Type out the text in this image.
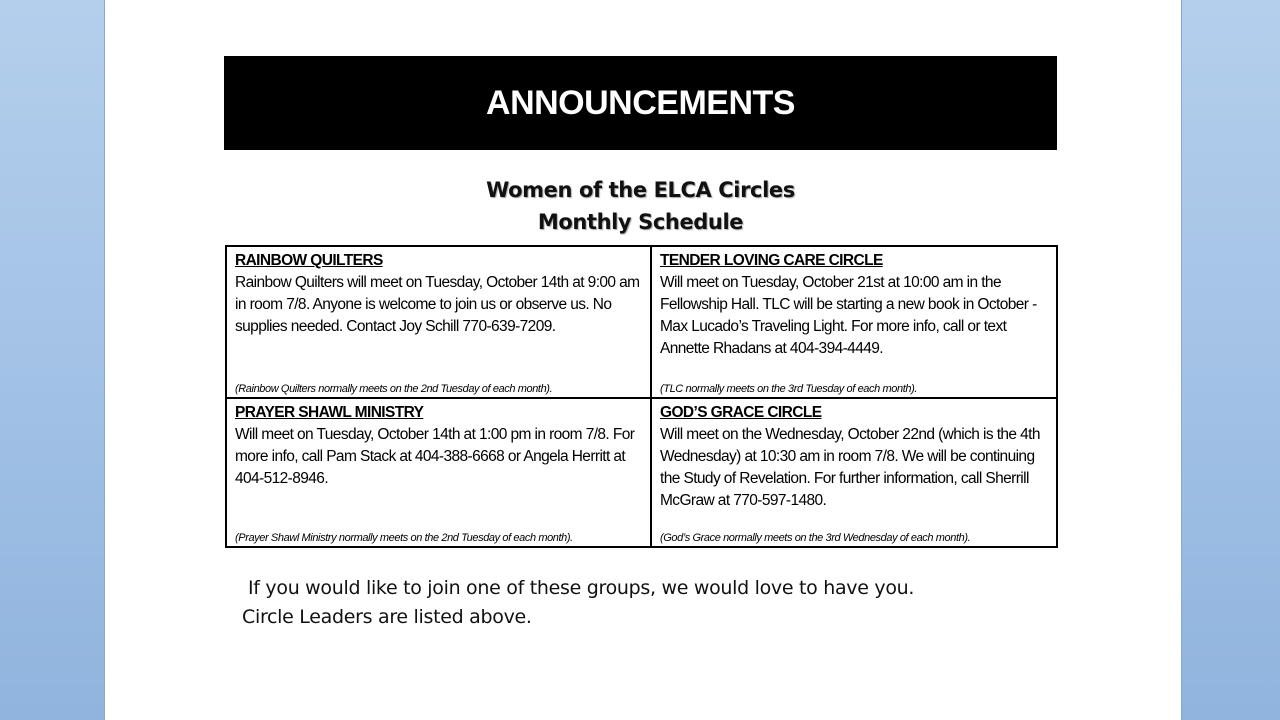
ANNOUNCEMENTS
Women of the ELCA Circles
Monthly Schedule
RAINBOW QUILTERS
Rainbow Quilters will meet on Tuesday, October 14th at 9:00 am in room 7/8. Anyone is welcome to join us or observe us. No supplies needed. Contact Joy Schill 770-639-7209.
(Rainbow Quilters normally meets on the 2nd Tuesday of each month).
TENDER LOVING CARE CIRCLE
Will meet on Tuesday, October 21st at 10:00 am in the Fellowship Hall. TLC will be starting a new book in October - Max Lucado’s Traveling Light. For more info, call or text Annette Rhadans at 404-394-4449.
(TLC normally meets on the 3rd Tuesday of each month).
PRAYER SHAWL MINISTRY
Will meet on Tuesday, October 14th at 1:00 pm in room 7/8. For more info, call Pam Stack at 404-388-6668 or Angela Herritt at 404-512-8946.
(Prayer Shawl Ministry normally meets on the 2nd Tuesday of each month).
GOD’S GRACE CIRCLE
Will meet on the Wednesday, October 22nd (which is the 4th Wednesday) at 10:30 am in room 7/8. We will be continuing the Study of Revelation. For further information, call Sherrill McGraw at 770-597-1480.
(God’s Grace normally meets on the 3rd Wednesday of each month).
If you would like to join one of these groups, we would love to have you.
Circle Leaders are listed above.
